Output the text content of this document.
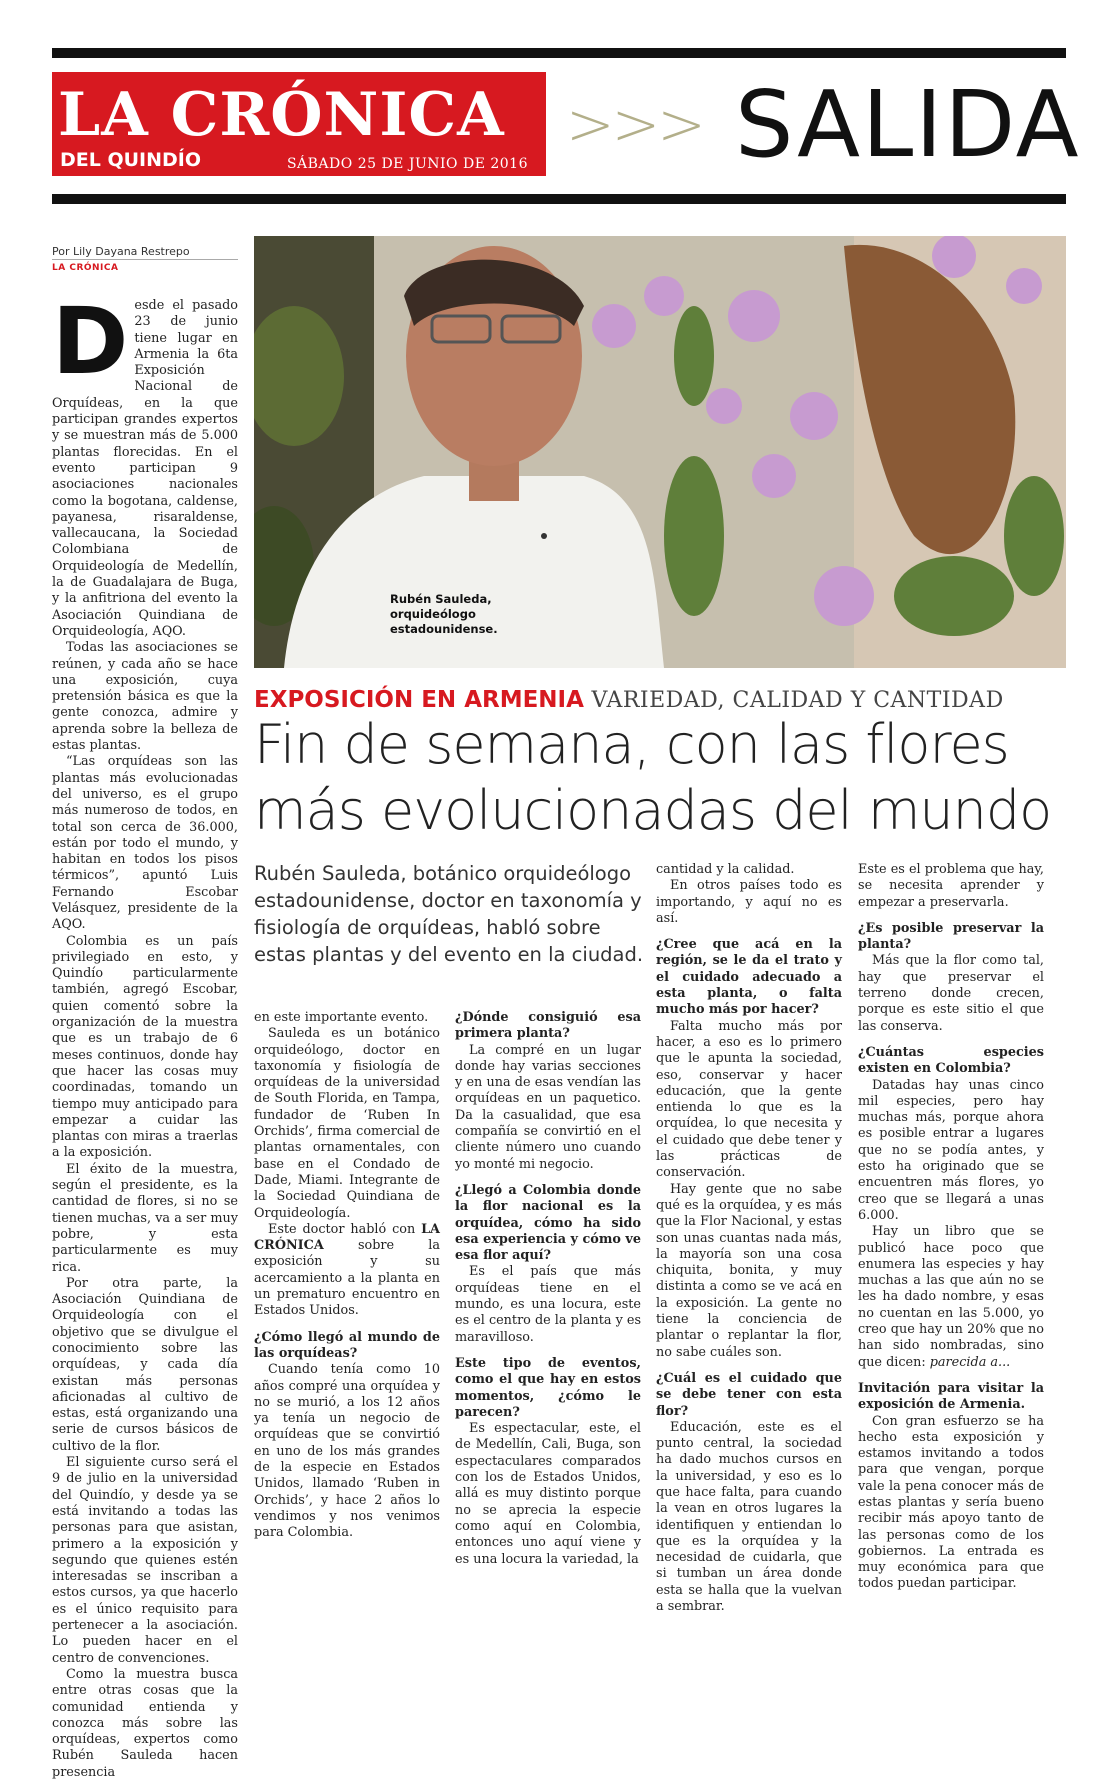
LA CRÓNICA
DEL QUINDÍO	SÁBADO 25 DE JUNIO DE 2016
>>> SALIDA
Por Lily Dayana Restrepo
LA CRÓNICA
D esde el pasado 23 de junio tiene lugar en Armenia la 6ta Exposición Nacional de Orquídeas, en la que participan grandes expertos y se muestran más de 5.000 plantas florecidas. En el evento participan 9 asociaciones nacionales como la bogotana, caldense, payanesa, risaraldense, vallecaucana, la Sociedad Colombiana de Orquideología de Medellín, la de Guadalajara de Buga, y la anfitriona del evento la Asociación Quindiana de Orquideología, AQO.

Todas las asociaciones se reúnen, y cada año se hace una exposición, cuya pretensión básica es que la gente conozca, admire y aprenda sobre la belleza de estas plantas.

“Las orquídeas son las plantas más evolucionadas del universo, es el grupo más numeroso de todos, en total son cerca de 36.000, están por todo el mundo, y habitan en todos los pisos térmicos”, apuntó Luis Fernando Escobar Velásquez, presidente de la AQO.

Colombia es un país privilegiado en esto, y Quindío particularmente también, agregó Escobar, quien comentó sobre la organización de la muestra que es un trabajo de 6 meses continuos, donde hay que hacer las cosas muy coordinadas, tomando un tiempo muy anticipado para empezar a cuidar las plantas con miras a traerlas a la exposición.

El éxito de la muestra, según el presidente, es la cantidad de flores, si no se tienen muchas, va a ser muy pobre, y esta particularmente es muy rica.

Por otra parte, la Asociación Quindiana de Orquideología con el objetivo que se divulgue el conocimiento sobre las orquídeas, y cada día existan más personas aficionadas al cultivo de estas, está organizando una serie de cursos básicos de cultivo de la flor.

El siguiente curso será el 9 de julio en la universidad del Quindío, y desde ya se está invitando a todas las personas para que asistan, primero a la exposición y segundo que quienes estén interesadas se inscriban a estos cursos, ya que hacerlo es el único requisito para pertenecer a la asociación. Lo pueden hacer en el centro de convenciones.

Como la muestra busca entre otras cosas que la comunidad entienda y conozca más sobre las orquídeas, expertos como Rubén Sauleda hacen presencia

Rubén Sauleda,
orquideólogo
estadounidense.
EXPOSICIÓN EN ARMENIA VARIEDAD, CALIDAD Y CANTIDAD
Fin de semana, con las flores
más evolucionadas del mundo
Rubén Sauleda, botánico orquideólogo estadounidense, doctor en taxonomía y fisiología de orquídeas, habló sobre estas plantas y del evento en la ciudad.

en este importante evento.

Sauleda es un botánico orquideólogo, doctor en taxonomía y fisiología de orquídeas de la universidad de South Florida, en Tampa, fundador de ‘Ruben In Orchids’, firma comercial de plantas ornamentales, con base en el Condado de Dade, Miami. Integrante de la Sociedad Quindiana de Orquideología.

Este doctor habló con LA CRÓNICA sobre la exposición y su acercamiento a la planta en un prematuro encuentro en Estados Unidos.

¿Cómo llegó al mundo de las orquídeas?

Cuando tenía como 10 años compré una orquídea y no se murió, a los 12 años ya tenía un negocio de orquídeas que se convirtió en uno de los más grandes de la especie en Estados Unidos, llamado ‘Ruben in Orchids’, y hace 2 años lo vendimos y nos venimos para Colombia.

¿Dónde consiguió esa primera planta?

La compré en un lugar donde hay varias secciones y en una de esas vendían las orquídeas en un paquetico. Da la casualidad, que esa compañía se convirtió en el cliente número uno cuando yo monté mi negocio.

¿Llegó a Colombia donde la flor nacional es la orquídea, cómo ha sido esa experiencia y cómo ve esa flor aquí?

Es el país que más orquídeas tiene en el mundo, es una locura, este es el centro de la planta y es maravilloso.

Este tipo de eventos, como el que hay en estos momentos, ¿cómo le parecen?

Es espectacular, este, el de Medellín, Cali, Buga, son espectaculares comparados con los de Estados Unidos, allá es muy distinto porque no se aprecia la especie como aquí en Colombia, entonces uno aquí viene y es una locura la variedad, la

cantidad y la calidad.

En otros países todo es importando, y aquí no es así.

¿Cree que acá en la región, se le da el trato y el cuidado adecuado a esta planta, o falta mucho más por hacer?

Falta mucho más por hacer, a eso es lo primero que le apunta la sociedad, eso, conservar y hacer educación, que la gente entienda lo que es la orquídea, lo que necesita y el cuidado que debe tener y las prácticas de conservación.

Hay gente que no sabe qué es la orquídea, y es más que la Flor Nacional, y estas son unas cuantas nada más, la mayoría son una cosa chiquita, bonita, y muy distinta a como se ve acá en la exposición. La gente no tiene la conciencia de plantar o replantar la flor, no sabe cuáles son.

¿Cuál es el cuidado que se debe tener con esta flor?

Educación, este es el punto central, la sociedad ha dado muchos cursos en la universidad, y eso es lo que hace falta, para cuando la vean en otros lugares la identifiquen y entiendan lo que es la orquídea y la necesidad de cuidarla, que si tumban un área donde esta se halla que la vuelvan a sembrar.

Este es el problema que hay, se necesita aprender y empezar a preservarla.

¿Es posible preservar la planta?

Más que la flor como tal, hay que preservar el terreno donde crecen, porque es este sitio el que las conserva.

¿Cuántas especies existen en Colombia?

Datadas hay unas cinco mil especies, pero hay muchas más, porque ahora es posible entrar a lugares que no se podía antes, y esto ha originado que se encuentren más flores, yo creo que se llegará a unas 6.000.

Hay un libro que se publicó hace poco que enumera las especies y hay muchas a las que aún no se les ha dado nombre, y esas no cuentan en las 5.000, yo creo que hay un 20% que no han sido nombradas, sino que dicen: parecida a...

Invitación para visitar la exposición de Armenia.

Con gran esfuerzo se ha hecho esta exposición y estamos invitando a todos para que vengan, porque vale la pena conocer más de estas plantas y sería bueno recibir más apoyo tanto de las personas como de los gobiernos. La entrada es muy económica para que todos puedan participar.
